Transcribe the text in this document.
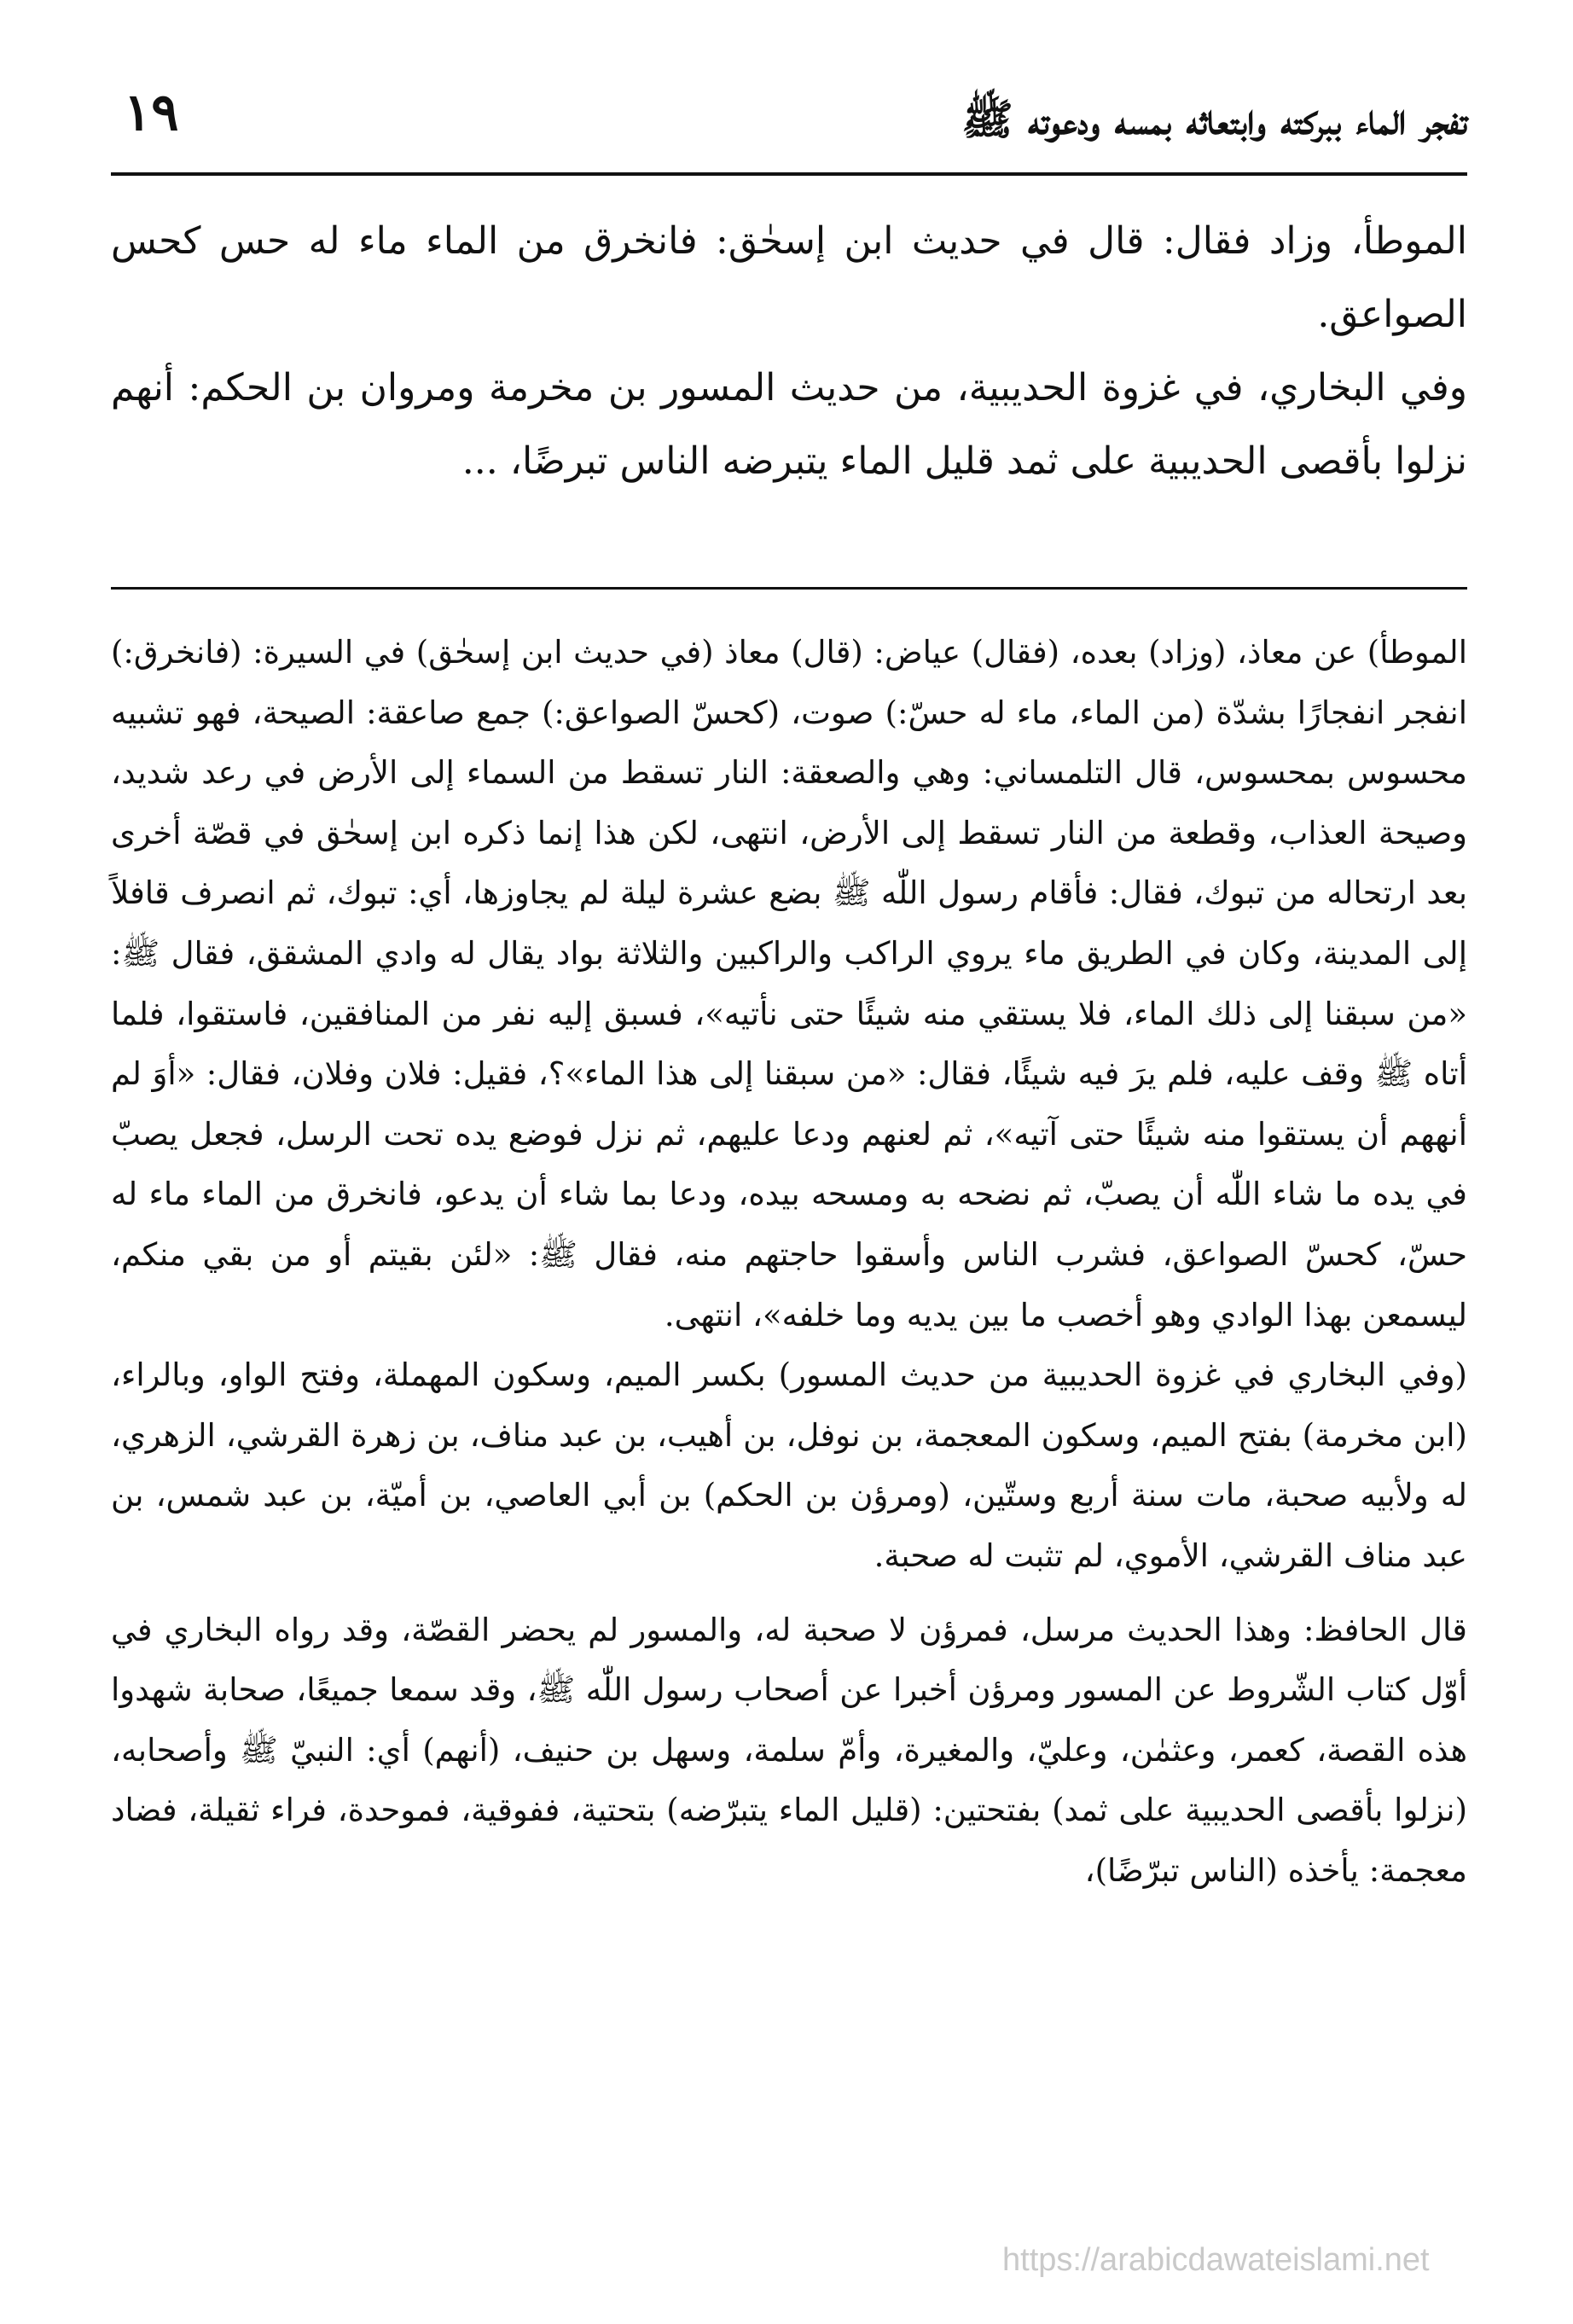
تفجر الماء ببركته وابتعاثه بمسه ودعوته ﷺ
١٩

الموطأ، وزاد فقال: قال في حديث ابن إسحٰق: فانخرق من الماء ماء له حس كحس الصواعق.

وفي البخاري، في غزوة الحديبية، من حديث المسور بن مخرمة ومروان بن الحكم: أنهم نزلوا بأقصى الحديبية على ثمد قليل الماء يتبرضه الناس تبرضًا، ...

الموطأ) عن معاذ، (وزاد) بعده، (فقال) عياض: (قال) معاذ (في حديث ابن إسحٰق) في السيرة: (فانخرق:) انفجر انفجارًا بشدّة (من الماء، ماء له حسّ:) صوت، (كحسّ الصواعق:) جمع صاعقة: الصيحة، فهو تشبيه محسوس بمحسوس، قال التلمساني: وهي والصعقة: النار تسقط من السماء إلى الأرض في رعد شديد، وصيحة العذاب، وقطعة من النار تسقط إلى الأرض، انتهى، لكن هذا إنما ذكره ابن إسحٰق في قصّة أخرى بعد ارتحاله من تبوك، فقال: فأقام رسول اللّٰه ﷺ بضع عشرة ليلة لم يجاوزها، أي: تبوك، ثم انصرف قافلاً إلى المدينة، وكان في الطريق ماء يروي الراكب والراكبين والثلاثة بواد يقال له وادي المشقق، فقال ﷺ: «من سبقنا إلى ذلك الماء، فلا يستقي منه شيئًا حتى نأتيه»، فسبق إليه نفر من المنافقين، فاستقوا، فلما أتاه ﷺ وقف عليه، فلم يرَ فيه شيئًا، فقال: «من سبقنا إلى هذا الماء»؟، فقيل: فلان وفلان، فقال: «أوَ لم أنههم أن يستقوا منه شيئًا حتى آتيه»، ثم لعنهم ودعا عليهم، ثم نزل فوضع يده تحت الرسل، فجعل يصبّ في يده ما شاء اللّٰه أن يصبّ، ثم نضحه به ومسحه بيده، ودعا بما شاء أن يدعو، فانخرق من الماء ماء له حسّ، كحسّ الصواعق، فشرب الناس وأسقوا حاجتهم منه، فقال ﷺ: «لئن بقيتم أو من بقي منكم، ليسمعن بهذا الوادي وهو أخصب ما بين يديه وما خلفه»، انتهى.

(وفي البخاري في غزوة الحديبية من حديث المسور) بكسر الميم، وسكون المهملة، وفتح الواو، وبالراء، (ابن مخرمة) بفتح الميم، وسكون المعجمة، بن نوفل، بن أهيب، بن عبد مناف، بن زهرة القرشي، الزهري، له ولأبيه صحبة، مات سنة أربع وستّين، (ومرؤن بن الحكم) بن أبي العاصي، بن أميّة، بن عبد شمس، بن عبد مناف القرشي، الأموي، لم تثبت له صحبة.

قال الحافظ: وهذا الحديث مرسل، فمرؤن لا صحبة له، والمسور لم يحضر القصّة، وقد رواه البخاري في أوّل كتاب الشّروط عن المسور ومرؤن أخبرا عن أصحاب رسول اللّٰه ﷺ، وقد سمعا جميعًا، صحابة شهدوا هذه القصة، كعمر، وعثمٰن، وعليّ، والمغيرة، وأمّ سلمة، وسهل بن حنيف، (أنهم) أي: النبيّ ﷺ وأصحابه، (نزلوا بأقصى الحديبية على ثمد) بفتحتين: (قليل الماء يتبرّضه) بتحتية، ففوقية، فموحدة، فراء ثقيلة، فضاد معجمة: يأخذه (الناس تبرّضًا)،

https://arabicdawateislami.net
